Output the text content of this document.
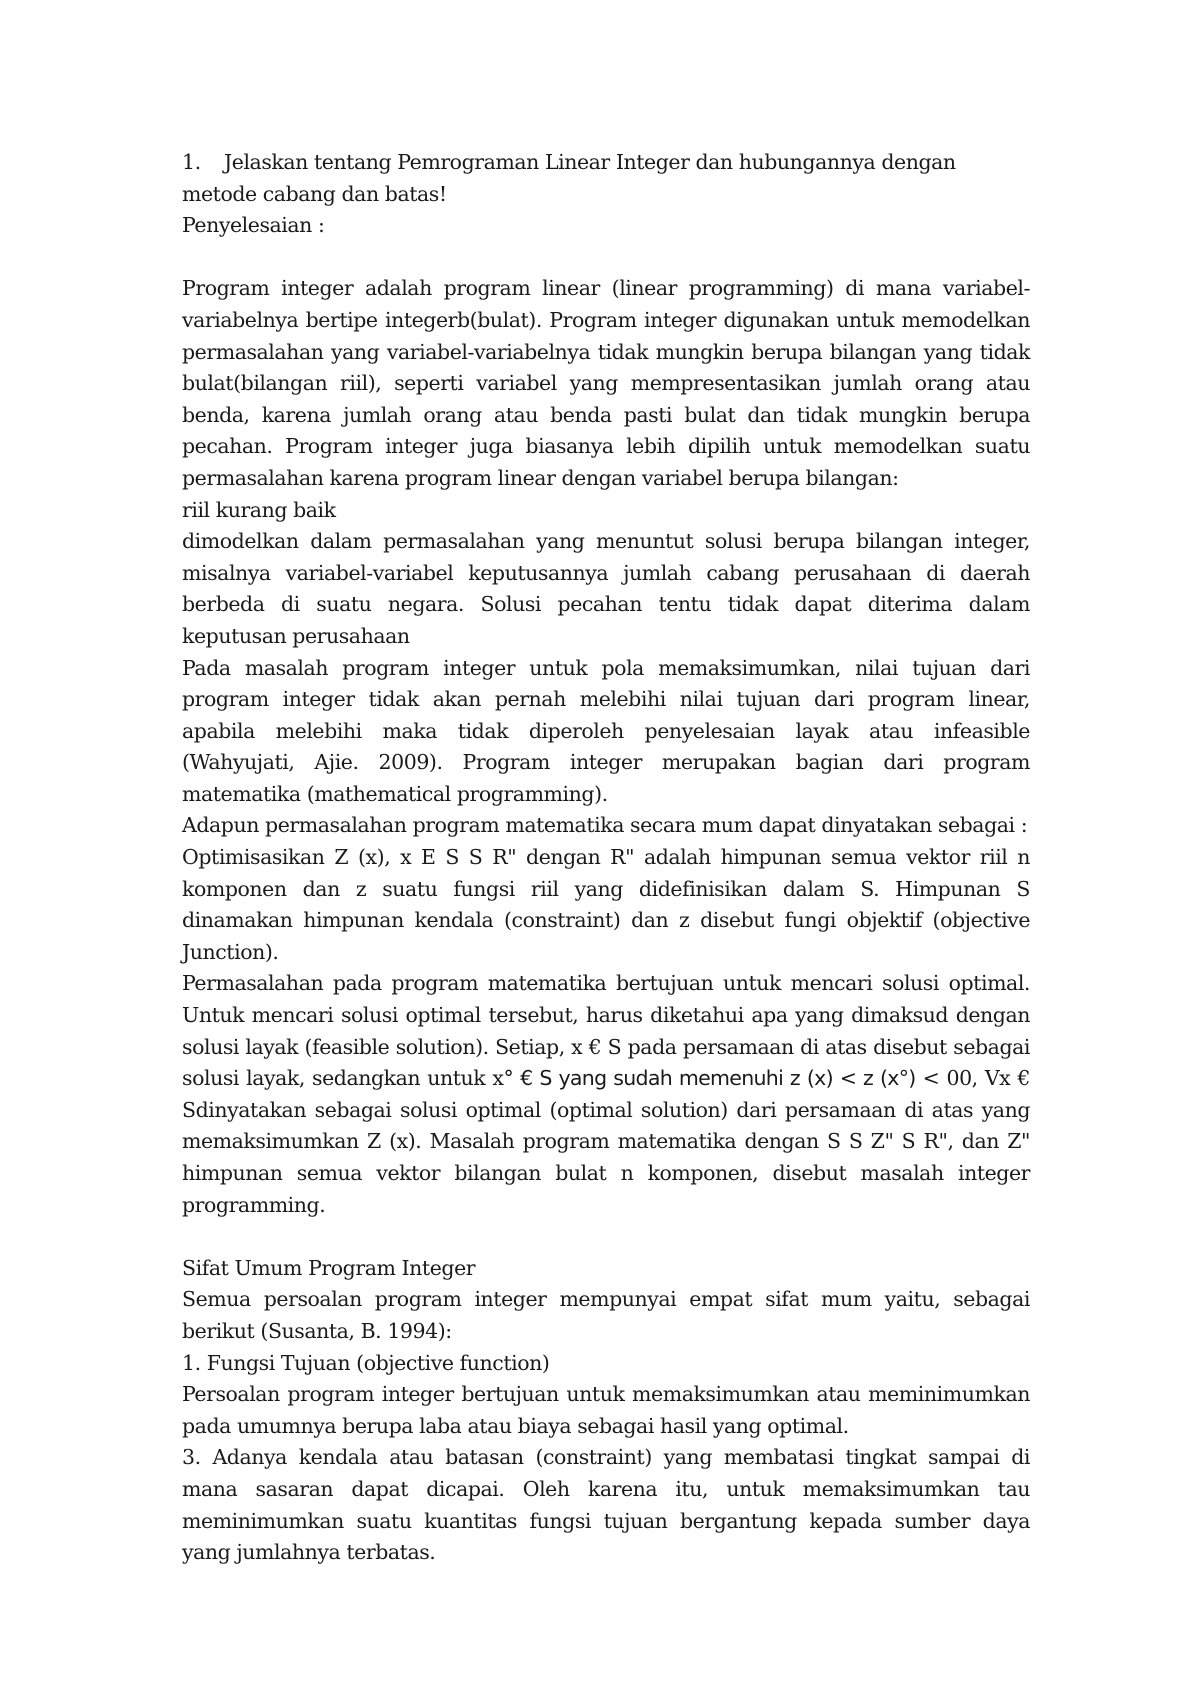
1. Jelaskan tentang Pemrograman Linear Integer dan hubungannya dengan metode cabang dan batas!

Penyelesaian :

Program integer adalah program linear (linear programming) di mana variabel-variabelnya bertipe integerb(bulat). Program integer digunakan untuk memodelkan permasalahan yang variabel-variabelnya tidak mungkin berupa bilangan yang tidak bulat(bilangan riil), seperti variabel yang mempresentasikan jumlah orang atau benda, karena jumlah orang atau benda pasti bulat dan tidak mungkin berupa pecahan. Program integer juga biasanya lebih dipilih untuk memodelkan suatu permasalahan karena program linear dengan variabel berupa bilangan:

riil kurang baik

dimodelkan dalam permasalahan yang menuntut solusi berupa bilangan integer, misalnya variabel-variabel keputusannya jumlah cabang perusahaan di daerah berbeda di suatu negara. Solusi pecahan tentu tidak dapat diterima dalam keputusan perusahaan

Pada masalah program integer untuk pola memaksimumkan, nilai tujuan dari program integer tidak akan pernah melebihi nilai tujuan dari program linear, apabila melebihi maka tidak diperoleh penyelesaian layak atau infeasible (Wahyujati, Ajie. 2009). Program integer merupakan bagian dari program matematika (mathematical programming).

Adapun permasalahan program matematika secara mum dapat dinyatakan sebagai :

Optimisasikan Z (x), x E S S R" dengan R" adalah himpunan semua vektor riil n komponen dan z suatu fungsi riil yang didefinisikan dalam S. Himpunan S dinamakan himpunan kendala (constraint) dan z disebut fungi objektif (objective Junction).

Permasalahan pada program matematika bertujuan untuk mencari solusi optimal. Untuk mencari solusi optimal tersebut, harus diketahui apa yang dimaksud dengan solusi layak (feasible solution). Setiap, x € S pada persamaan di atas disebut sebagai solusi layak, sedangkan untuk x° € S yang sudah memenuhi z (x) < z (x°) < 00, Vx € Sdinyatakan sebagai solusi optimal (optimal solution) dari persamaan di atas yang memaksimumkan Z (x). Masalah program matematika dengan S S Z" S R", dan Z" himpunan semua vektor bilangan bulat n komponen, disebut masalah integer programming.

Sifat Umum Program Integer

Semua persoalan program integer mempunyai empat sifat mum yaitu, sebagai berikut (Susanta, B. 1994):

1. Fungsi Tujuan (objective function)

Persoalan program integer bertujuan untuk memaksimumkan atau meminimumkan pada umumnya berupa laba atau biaya sebagai hasil yang optimal.

3. Adanya kendala atau batasan (constraint) yang membatasi tingkat sampai di mana sasaran dapat dicapai. Oleh karena itu, untuk memaksimumkan tau meminimumkan suatu kuantitas fungsi tujuan bergantung kepada sumber daya yang jumlahnya terbatas.
